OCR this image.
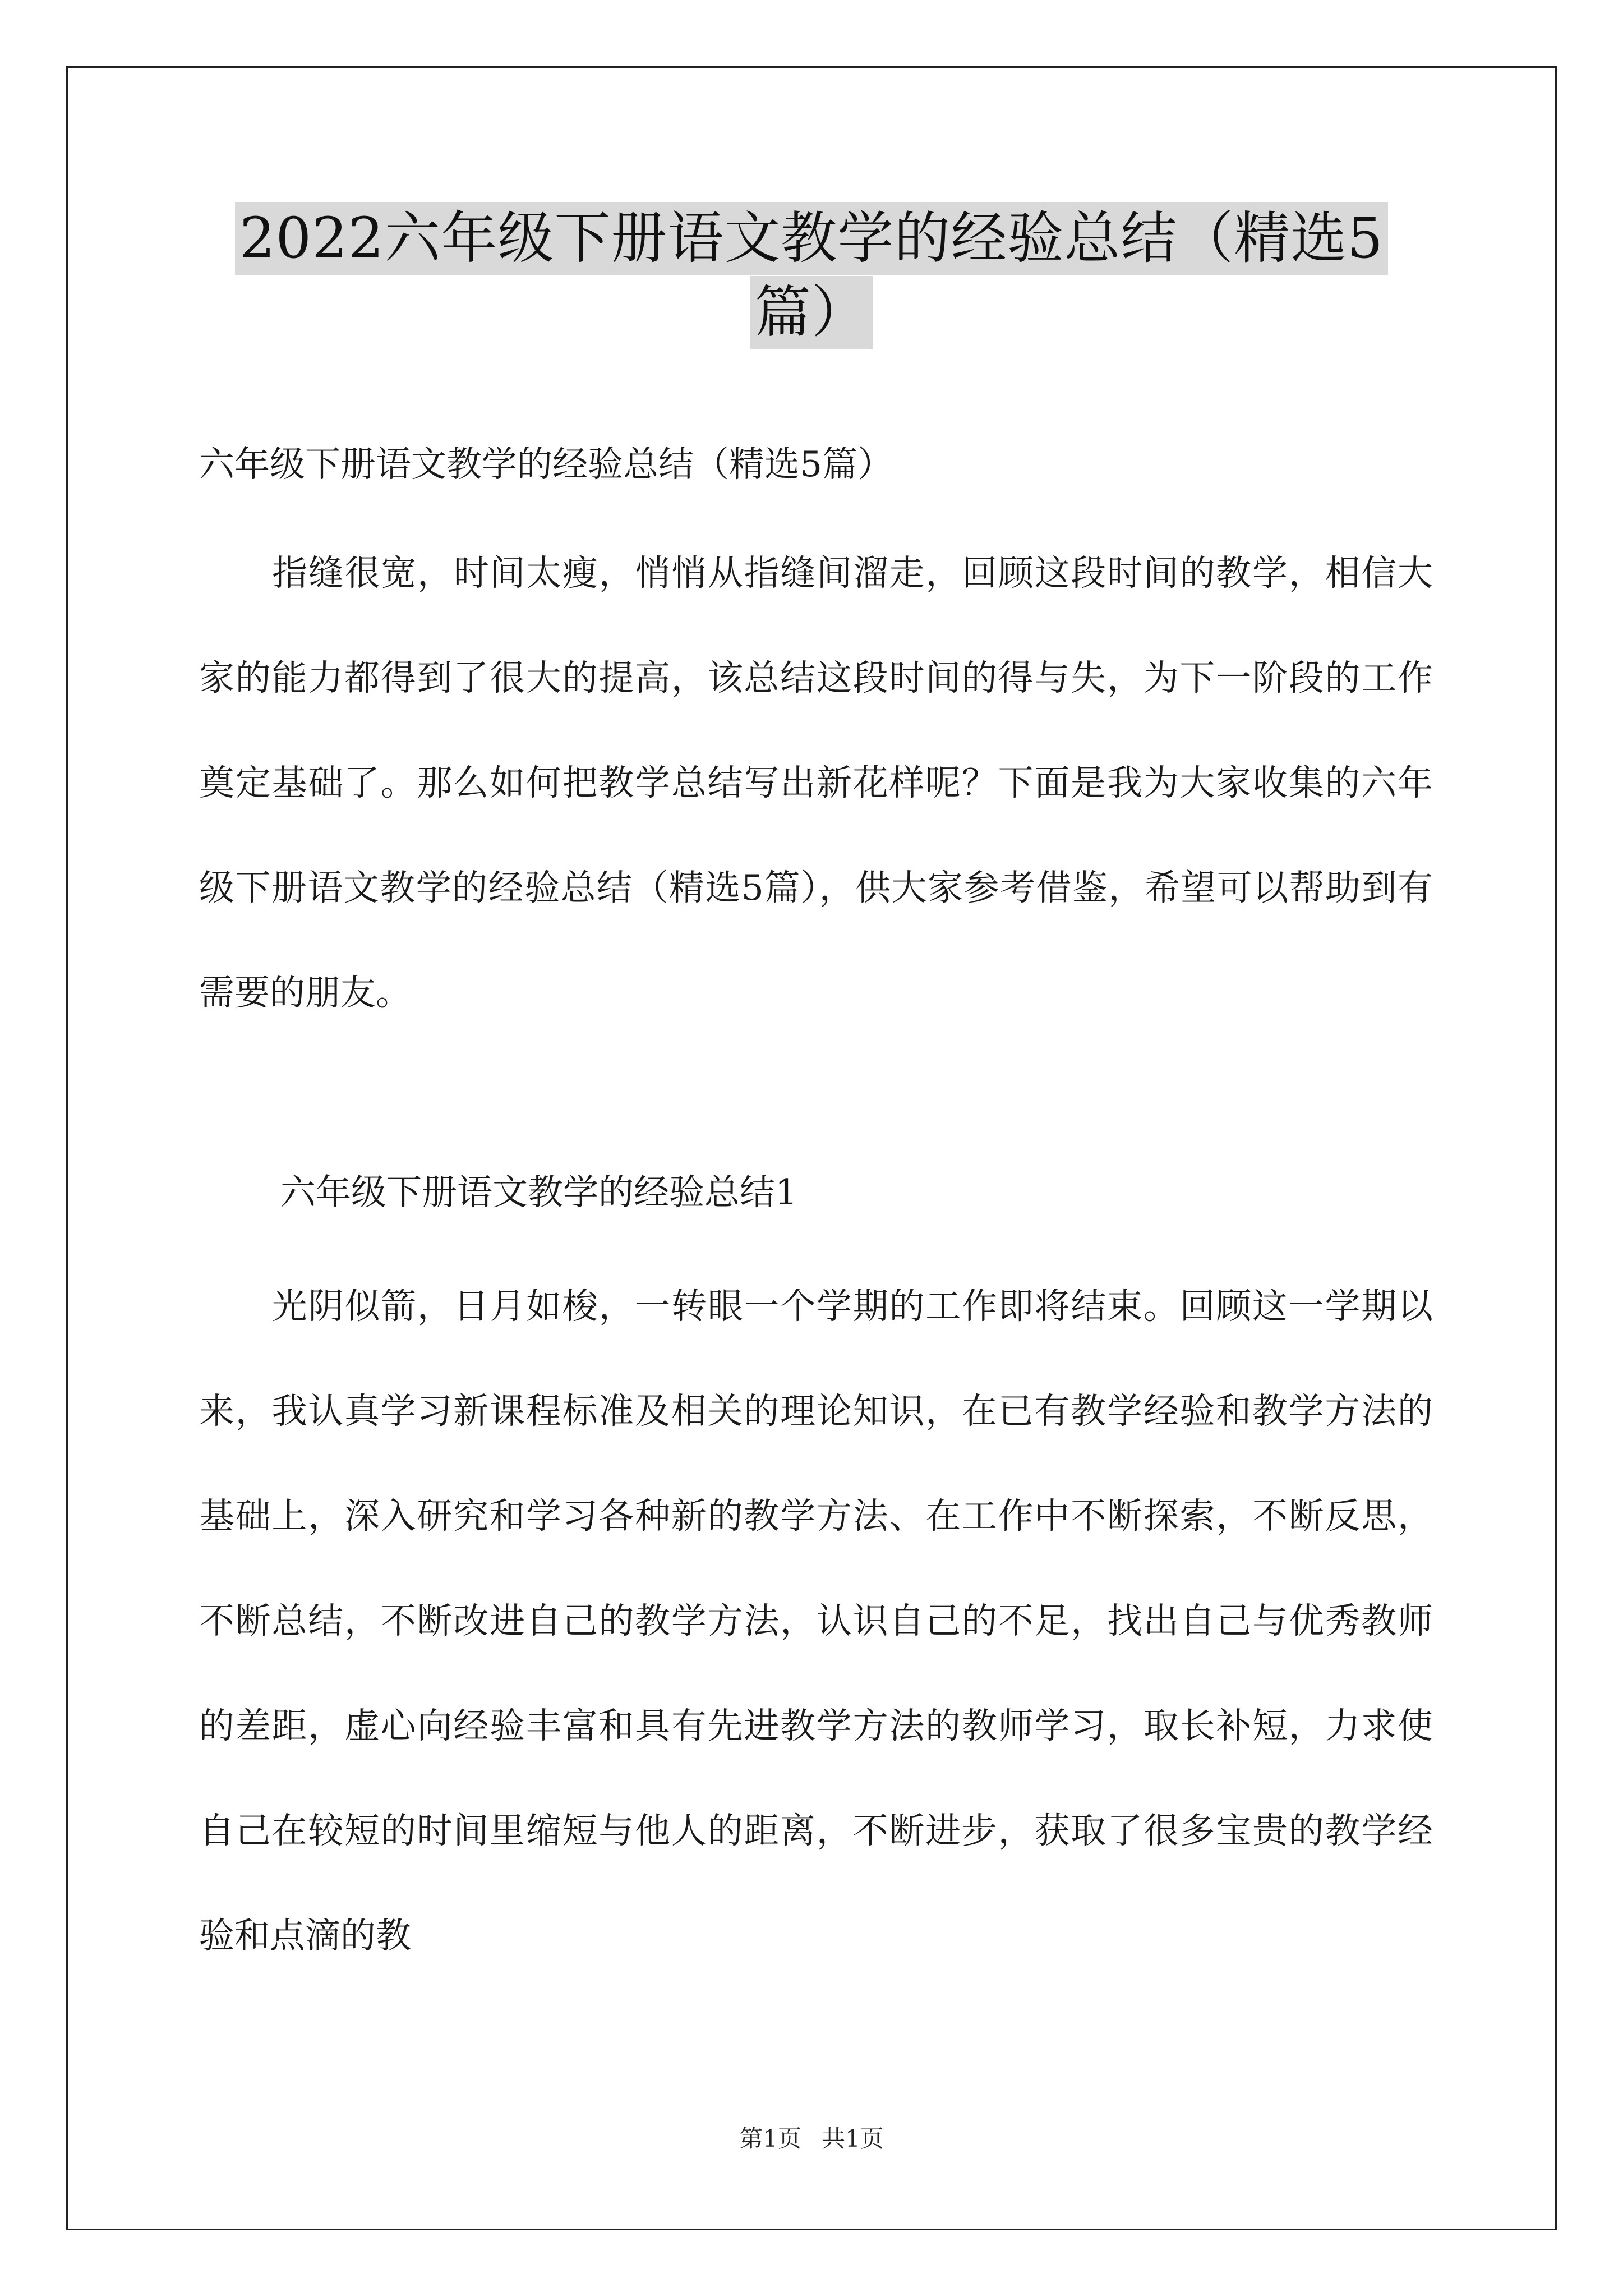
2022六年级下册语文教学的经验总结（精选5
篇）
六年级下册语文教学的经验总结（精选5篇）

指缝很宽，时间太瘦，悄悄从指缝间溜走，回顾这段时间的教学，相信大家的能力都得到了很大的提高，该总结这段时间的得与失，为下一阶段的工作奠定基础了。那么如何把教学总结写出新花样呢？下面是我为大家收集的六年级下册语文教学的经验总结（精选5篇），供大家参考借鉴，希望可以帮助到有需要的朋友。

六年级下册语文教学的经验总结1

光阴似箭，日月如梭，一转眼一个学期的工作即将结束。回顾这一学期以来，我认真学习新课程标准及相关的理论知识，在已有教学经验和教学方法的基础上，深入研究和学习各种新的教学方法、在工作中不断探索，不断反思，不断总结，不断改进自己的教学方法，认识自己的不足，找出自己与优秀教师的差距，虚心向经验丰富和具有先进教学方法的教师学习，取长补短，力求使自己在较短的时间里缩短与他人的距离，不断进步，获取了很多宝贵的教学经验和点滴的教

第1页 共1页
